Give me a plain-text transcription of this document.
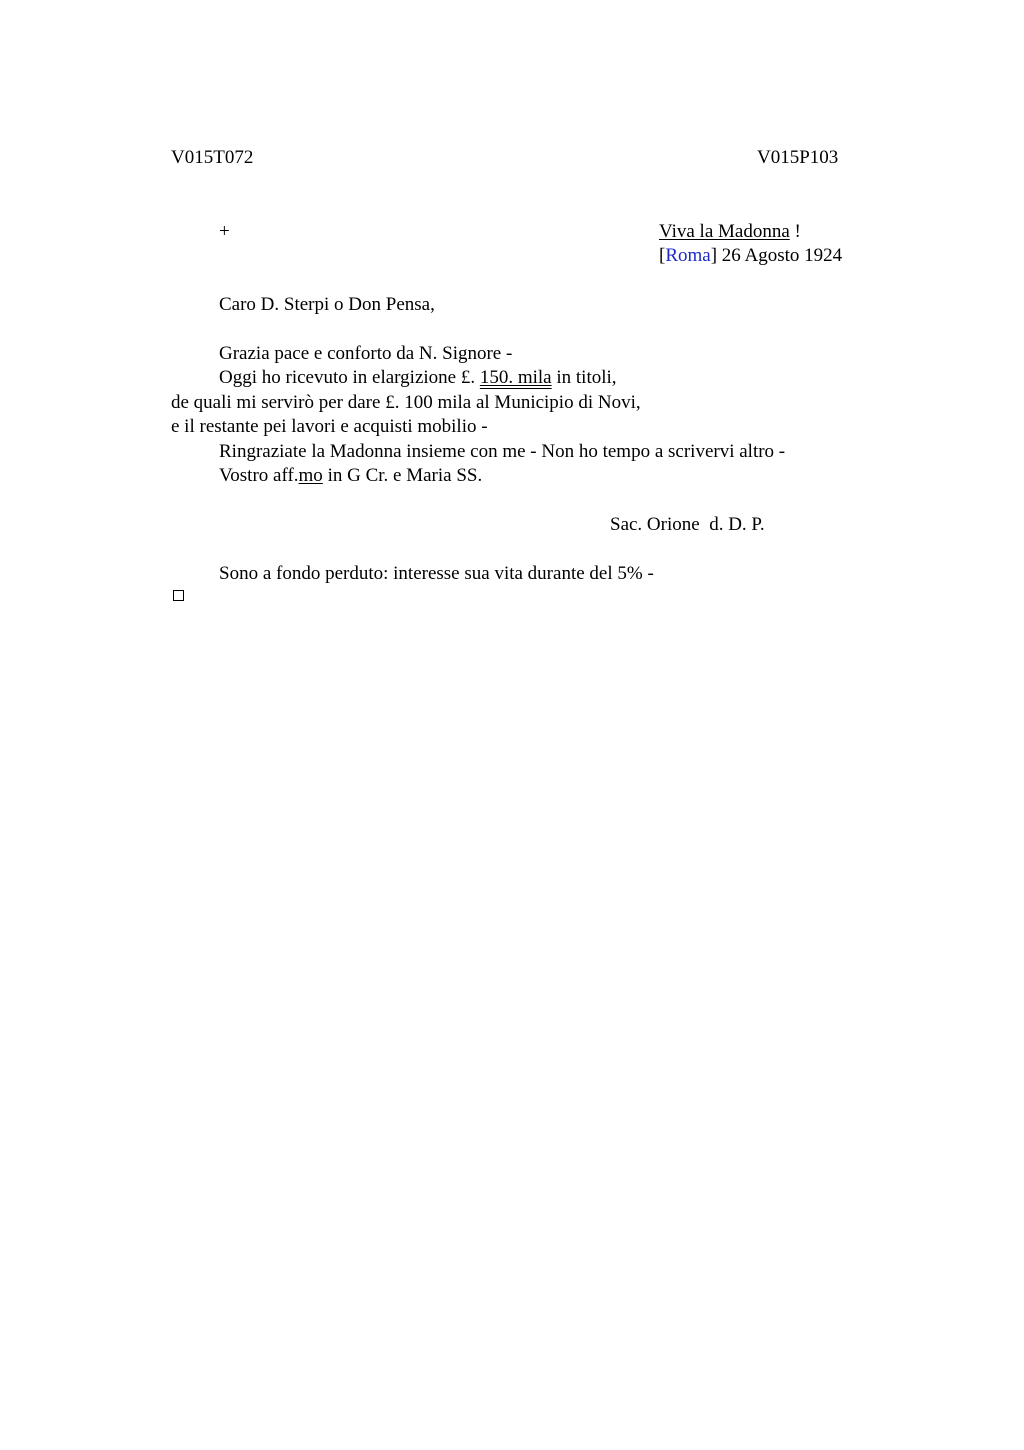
V015T072	V015P103
+	Viva la Madonna !
[Roma] 26 Agosto 1924
Caro D. Sterpi o Don Pensa,
Grazia pace e conforto da N. Signore -
Oggi ho ricevuto in elargizione £. 150. mila in titoli,
de quali mi servirò per dare £. 100 mila al Municipio di Novi,
e il restante pei lavori e acquisti mobilio -
Ringraziate la Madonna insieme con me - Non ho tempo a scrivervi altro -
Vostro aff.mo in G Cr. e Maria SS.
Sac. Orione  d. D. P.
Sono a fondo perduto: interesse sua vita durante del 5% -
